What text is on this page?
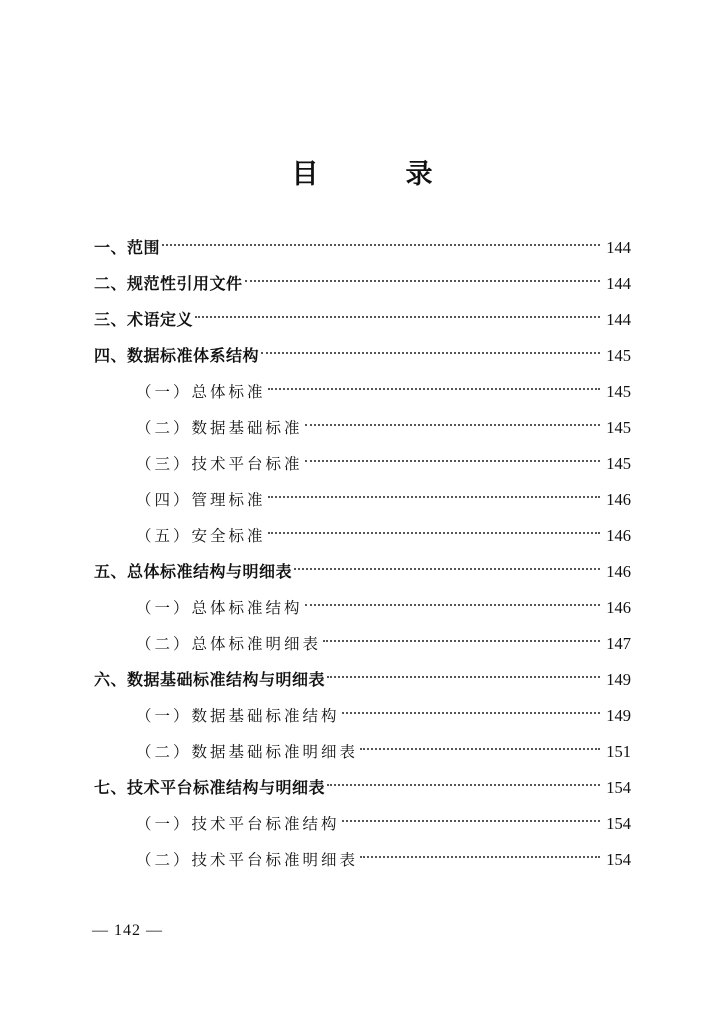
目　录
一、范围	144
二、规范性引用文件	144
三、术语定义	144
四、数据标准体系结构	145
（一）总体标准	145
（二）数据基础标准	145
（三）技术平台标准	145
（四）管理标准	146
（五）安全标准	146
五、总体标准结构与明细表	146
（一）总体标准结构	146
（二）总体标准明细表	147
六、数据基础标准结构与明细表	149
（一）数据基础标准结构	149
（二）数据基础标准明细表	151
七、技术平台标准结构与明细表	154
（一）技术平台标准结构	154
（二）技术平台标准明细表	154
— 142 —
